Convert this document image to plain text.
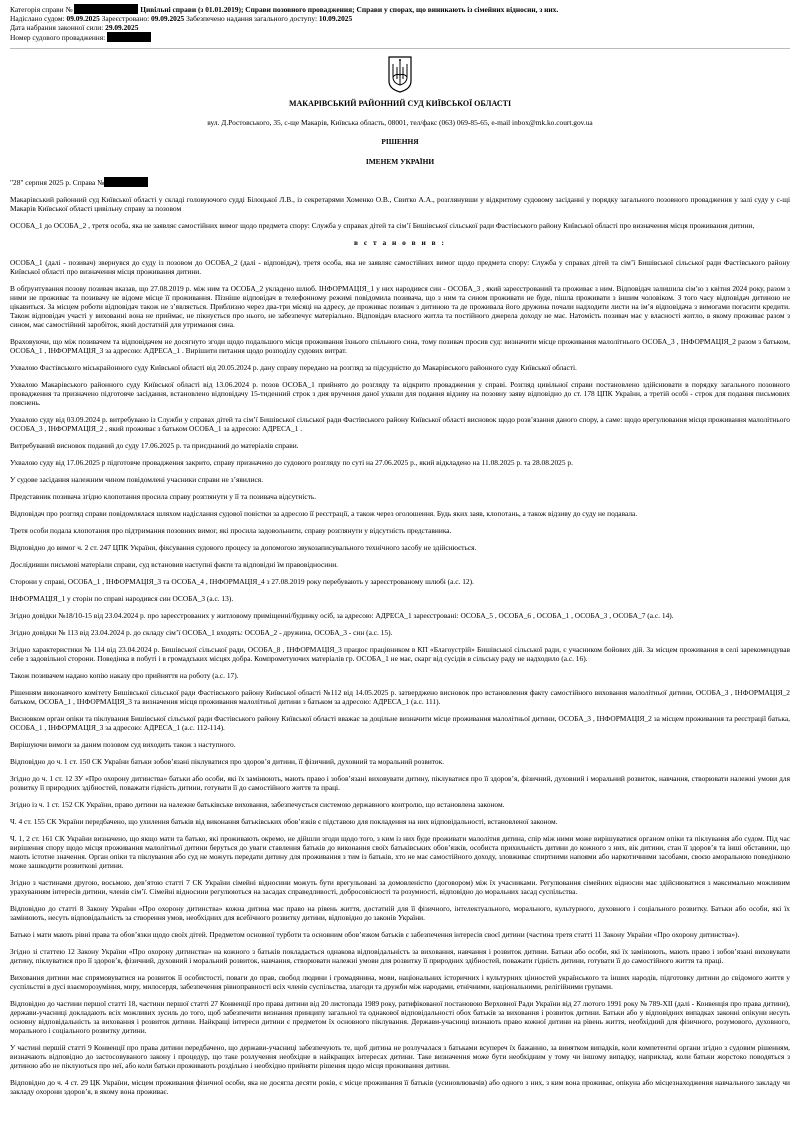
Категорія справи №	Цивільні справи (з 01.01.2019); Справи позовного провадження; Справи у спорах, що виникають із сімейних відносин, з них.

Надіслано судом: 09.09.2025 Зареєстровано: 09.09.2025 Забезпечено надання загального доступу: 10.09.2025

Дата набрання законної сили: 29.09.2025

Номер судового провадження:

МАКАРІВСЬКИЙ РАЙОННИЙ СУД КИЇВСЬКОЇ ОБЛАСТІ
вул. Д.Ростовського, 35, с-ще Макарів, Київська область, 08001, тел/факс (063) 069-85-65, e-mail inbox@mk.ko.court.gov.ua
РІШЕННЯ
ІМЕНЕМ УКРАЇНИ

"28" серпня 2025 р. Справа №

Макарівський районний суд Київської області у складі головуючого судді Білоцької Л.В., із секретарями Хоменко О.В., Свитко А.А., розглянувши у відкритому судовому засіданні у порядку загального позовного провадження у залі суду у с-щі Макарів Київської області цивільну справу за позовом

ОСОБА_1 до ОСОБА_2 , третя особа, яка не заявляє самостійних вимог щодо предмета спору: Служба у справах дітей та сім’ї Бишівської сільської ради Фастівського району Київської області про визначення місця проживання дитини,

в с т а н о в и в :

ОСОБА_1 (далі - позивач) звернувся до суду із позовом до ОСОБА_2 (далі - відповідач), третя особа, яка не заявляє самостійних вимог щодо предмета спору: Служба у справах дітей та сім’ї Бишівської сільської ради Фастівського району Київської області про визначення місця проживання дитини.

В обґрунтування позову позивач вказав, що 27.08.2019 р. між ним та ОСОБА_2 укладено шлюб. ІНФОРМАЦІЯ_1 у них народився син - ОСОБА_3 , який зареєстрований та проживає з ним. Відповідач залишила сім’ю з квітня 2024 року, разом з ними не проживає та позивачу не відоме місце її проживання. Пізніше відповідач в телефонному режимі повідомила позивача, що з ним та сином проживати не буде, пішла проживати з іншим чоловіком. З того часу відповідач дитиною не цікавиться. За місцем роботи відповідач також не з’являється. Приблизно через два-три місяці на адресу, де проживає позивач з дитиною та де проживала його дружина почали надходити листи на ім’я відповідача з вимогами погасити кредити. Також відповідач участі у вихованні вона не приймає, не пікнується про нього, не забезпечує матеріально. Відповідач власного житла та постійного джерела доходу не має. Натомість позивач має у власності житло, в якому проживає разом з сином, має самостійний заробіток, який достатній для утримання сина.

Враховуючи, що між позивачем та відповідачем не досягнуто згоди щодо подальшого місця проживання їхнього спільного сина, тому позивач просив суд: визначити місце проживання малолітнього ОСОБА_3 , ІНФОРМАЦІЯ_2 разом з батьком, ОСОБА_1 , ІНФОРМАЦІЯ_3 за адресою: АДРЕСА_1 . Вирішити питання щодо розподілу судових витрат.

Ухвалою Фастівського міськрайонного суду Київської області від 20.05.2024 р. дану справу передано на розгляд за підсудністю до Макарівського районного суду Київської області.

Ухвалою Макарівського районного суду Київської області від 13.06.2024 р. позов ОСОБА_1 прийнято до розгляду та відкрито провадження у справі. Розгляд цивільної справи постановлено здійснювати в порядку загального позовного провадження та призначено підготовче засідання, встановлено відповідачу 15-тиденний строк з дня вручення даної ухвали для подання відзиву на позовну заяву відповідно до ст. 178 ЦПК України, а третій особі - строк для подання письмових пояснень.

Ухвалою суду від 03.09.2024 р. витребувано із Служби у справах дітей та сім’ї Бишівської сільської ради Фастівського району Київської області висновок щодо розв’язання даного спору, а саме: щодо врегулювання місця проживання малолітнього ОСОБА_3 , ІНФОРМАЦІЯ_2 , який проживає з батьком ОСОБА_1 за адресою: АДРЕСА_1 .

Витребуваний висновок поданий до суду 17.06.2025 р. та приєднаний до матеріалів справи.

Ухвалою суду від 17.06.2025 р підготовче провадження закрито, справу призначено до судового розгляду по суті на 27.06.2025 р., який відкладено на 11.08.2025 р. та 28.08.2025 р.

У судове засідання належним чином повідомлені учасники справи не з’явилися.

Представник позивача згідно клопотання просила справу розглянути у її та позивача відсутність.

Відповідач про розгляд справи повідомлялася шляхом надіслання судової повістки за адресою її реєстрації, а також через оголошення. Будь яких заяв, клопотань, а також відзиву до суду не подавала.

Третя особи подала клопотання про підтримання позовних вимог, які просила задовольнити, справу розглянути у відсутність представника.

Відповідно до вимог ч. 2 ст. 247 ЦПК України, фіксування судового процесу за допомогою звукозаписувального технічного засобу не здійснюється.

Дослідивши письмові матеріали справи, суд встановив наступні факти та відповідні їм правовідносини.

Сторони у справі, ОСОБА_1 , ІНФОРМАЦІЯ_3 та ОСОБА_4 , ІНФОРМАЦІЯ_4 з 27.08.2019 року перебувають у зареєстрованому шлюбі (а.с. 12).

ІНФОРМАЦІЯ_1 у сторін по справі народився син ОСОБА_3 (а.с. 13).

Згідно довідки №18/10-15 від 23.04.2024 р. про зареєстрованих у житловому приміщенні/будинку осіб, за адресою: АДРЕСА_1 зареєстровані: ОСОБА_5 , ОСОБА_6 , ОСОБА_1 , ОСОБА_3 , ОСОБА_7 (а.с. 14).

Згідно довідки № 113 від 23.04.2024 р. до складу сім’ї ОСОБА_1 входять: ОСОБА_2 - дружина, ОСОБА_3 - син (а.с. 15).

Згідно характеристики № 114 від 23.04.2024 р. Бишівської сільської ради, ОСОБА_8 , ІНФОРМАЦІЯ_3 працює працівником в КП «Благоустрій» Бишівської сільської ради, є учасником бойових дій. За місцем проживання в селі зарекомендував себе з задовільної сторони. Поведінка в побуті і в громадських місцях добра. Компрометуючих матеріалів гр. ОСОБА_1 не має, скарг від сусідів в сільську раду не надходило (а.с. 16).

Також позивачем надано копію наказу про прийняття на роботу (а.с. 17).

Рішенням виконавчого комітету Бишівської сільської ради Фастівського району Київської області №112 від 14.05.2025 р. затверджено висновок про встановлення факту самостійного виховання малолітньої дитини, ОСОБА_3 , ІНФОРМАЦІЯ_2 батьком, ОСОБА_1 , ІНФОРМАЦІЯ_3 та визначення місця проживання малолітньої дитини з батьком за адресою: АДРЕСА_1 (а.с. 111).

Висновком орган опіки та піклування Бишівської сільської ради Фастівського району Київської області вважає за доцільне визначити місце проживання малолітньої дитини, ОСОБА_3 , ІНФОРМАЦІЯ_2 за місцем проживання та реєстрації батька, ОСОБА_1 , ІНФОРМАЦІЯ_3 за адресою: АДРЕСА_1 (а.с. 112-114).

Вирішуючи вимоги за даним позовом суд виходить також з наступного.

Відповідно до ч. 1 ст. 150 СК України батьки зобов’язані піклуватися про здоров’я дитини, її фізичний, духовний та моральний розвиток.

Згідно до ч. 1 ст. 12 ЗУ «Про охорону дитинства» батьки або особи, які їх замінюють, мають право і зобов’язані виховувати дитину, піклуватися про її здоров’я, фізичний, духовний і моральний розвиток, навчання, створювати належні умови для розвитку її природних здібностей, поважати гідність дитини, готувати її до самостійного життя та праці.

Згідно із ч. 1 ст. 152 СК України, право дитини на належне батьківське виховання, забезпечується системою державного контролю, що встановлена законом.

Ч. 4 ст. 155 СК України передбачено, що ухилення батьків від виконання батьківських обов’язків є підставою для покладення на них відповідальності, встановленої законом.

Ч. 1, 2 ст. 161 СК України визначено, що якщо мати та батько, які проживають окремо, не дійшли згоди щодо того, з ким із них буде проживати малолітня дитина, спір між ними може вирішуватися органом опіки та піклування або судом. Під час вирішення спору щодо місця проживання малолітньої дитини беруться до уваги ставлення батьків до виконання своїх батьківських обов’язків, особиста прихильність дитини до кожного з них, вік дитини, стан її здоров’я та інші обставини, що мають істотне значення. Орган опіки та піклування або суд не можуть передати дитину для проживання з тим із батьків, хто не має самостійного доходу, зловживає спиртними напоями або наркотичними засобами, своєю аморальною поведінкою може зашкодити розвиткові дитини.

Згідно з частинами другою, восьмою, дев’ятою статті 7 СК України сімейні відносини можуть бути врегульовані за домовленістю (договором) між їх учасниками. Регулювання сімейних відносин має здійснюватися з максимально можливим урахуванням інтересів дитини, членів сім’ї. Сімейні відносини регулюються на засадах справедливості, добросовісності та розумності, відповідно до моральних засад суспільства.

Відповідно до статті 8 Закону України «Про охорону дитинства» кожна дитина має право на рівень життя, достатній для її фізичного, інтелектуального, морального, культурного, духовного і соціального розвитку. Батьки або особи, які їх замінюють, несуть відповідальність за створення умов, необхідних для всебічного розвитку дитини, відповідно до законів України.

Батько і мати мають рівні права та обов’язки щодо своїх дітей. Предметом основної турботи та основним обов’язком батьків є забезпечення інтересів своєї дитини (частина третя статті 11 Закону України «Про охорону дитинства»).

Згідно зі статтею 12 Закону України «Про охорону дитинства» на кожного з батьків покладається однакова відповідальність за виховання, навчання і розвиток дитини. Батьки або особи, які їх замінюють, мають право і зобов’язані виховувати дитину, піклуватися про її здоров’я, фізичний, духовний і моральний розвиток, навчання, створювати належні умови для розвитку її природних здібностей, поважати гідність дитини, готувати її до самостійного життя та праці.

Виховання дитини має спрямовуватися на розвиток її особистості, поваги до прав, свобод людини і громадянина, мови, національних історичних і культурних цінностей українського та інших народів, підготовку дитини до свідомого життя у суспільстві в дусі взаєморозуміння, миру, милосердя, забезпечення рівноправності всіх членів суспільства, злагоди та дружби між народами, етнічними, національними, релігійними групами.

Відповідно до частини першої статті 18, частини першої статті 27 Конвенції про права дитини від 20 листопада 1989 року, ратифікованої постановою Верховної Ради України від 27 лютого 1991 року № 789-XII (далі - Конвенція про права дитини), держави-учасниці докладають всіх можливих зусиль до того, щоб забезпечити визнання принципу загальної та однакової відповідальності обох батьків за виховання і розвиток дитини. Батьки або у відповідних випадках законні опікуни несуть основну відповідальність за виховання і розвиток дитини. Найкращі інтереси дитини є предметом їх основного піклування. Держави-учасниці визнають право кожної дитини на рівень життя, необхідний для фізичного, розумового, духовного, морального і соціального розвитку дитини.

У частині першій статті 9 Конвенції про права дитини передбачено, що держави-учасниці забезпечують те, щоб дитина не розлучалася з батьками всупереч їх бажанню, за винятком випадків, коли компетентні органи згідно з судовим рішенням, визначають відповідно до застосовуваного закону і процедур, що таке розлучення необхідне в найкращих інтересах дитини. Таке визначення може бути необхідним у тому чи іншому випадку, наприклад, коли батьки жорстоко поводяться з дитиною або не піклуються про неї, або коли батьки проживають роздільно і необхідно прийняти рішення щодо місця проживання дитини.

Відповідно до ч. 4 ст. 29 ЦК України, місцем проживання фізичної особи, яка не досягла десяти років, є місце проживання її батьків (усиновлювачів) або одного з них, з ким вона проживає, опікуна або місцезнаходження навчального закладу чи закладу охорони здоров’я, в якому вона проживає.
